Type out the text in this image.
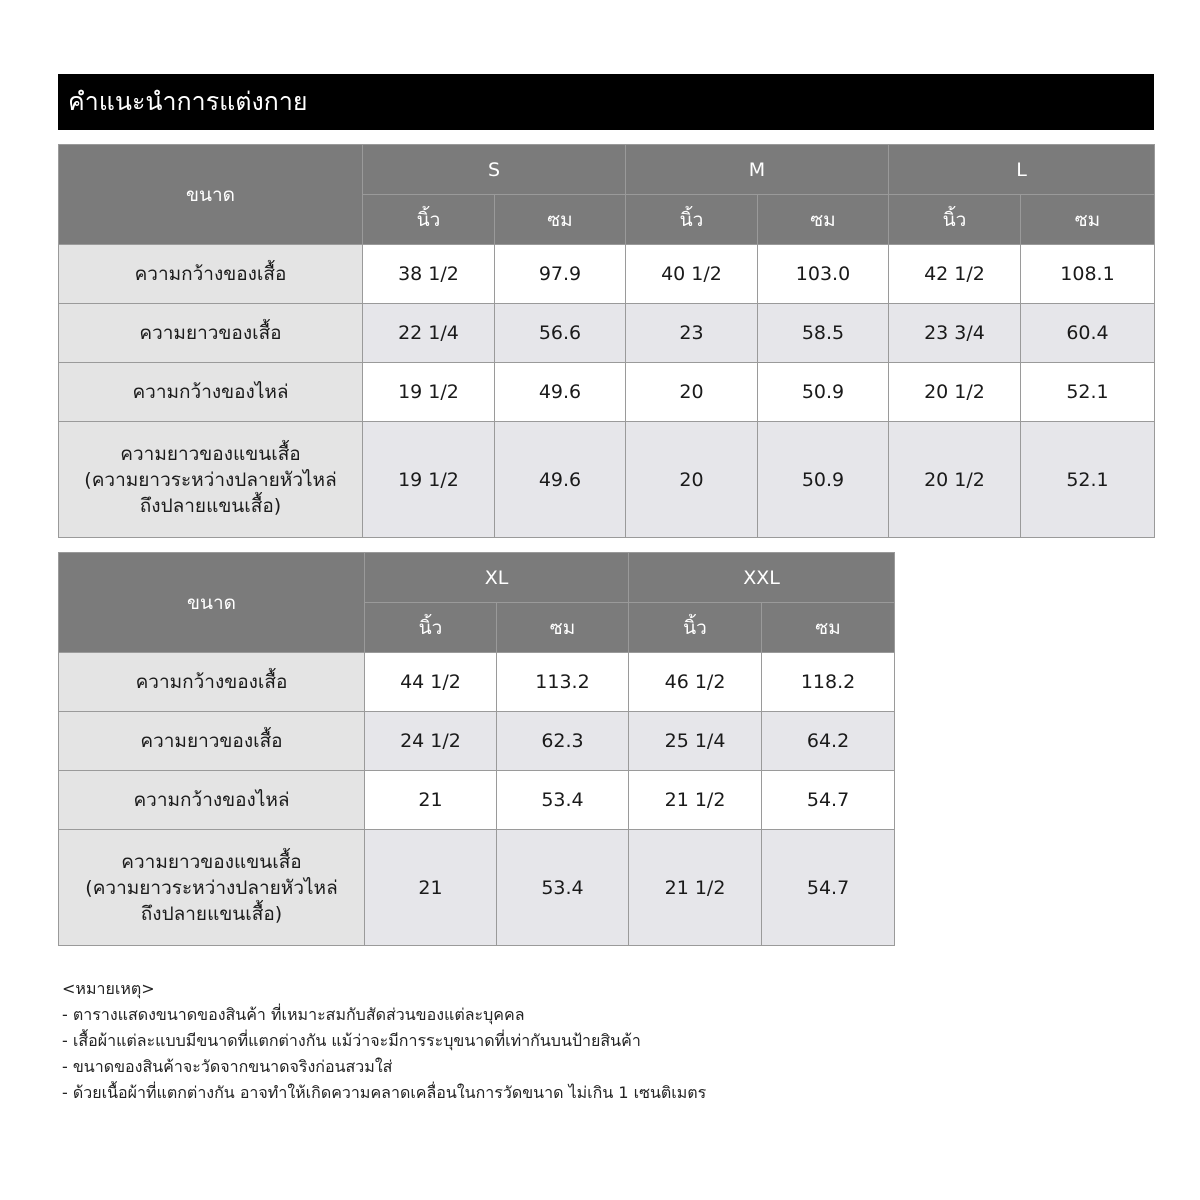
คำแนะนำการแต่งกาย
ขนาด	S		M		L	
	นิ้ว	ซม	นิ้ว	ซม	นิ้ว	ซม
ความกว้างของเสื้อ	38 1/2	97.9	40 1/2	103.0	42 1/2	108.1
ความยาวของเสื้อ	22 1/4	56.6	23	58.5	23 3/4	60.4
ความกว้างของไหล่	19 1/2	49.6	20	50.9	20 1/2	52.1

ความยาวของแขนเสื้อ
(ความยาวระหว่างปลายหัวไหล่
ถึงปลายแขนเสื้อ)	19 1/2	49.6	20	50.9	20 1/2	52.1
ขนาด	XL		XXL	
	นิ้ว	ซม	นิ้ว	ซม
ความกว้างของเสื้อ	44 1/2	113.2	46 1/2	118.2
ความยาวของเสื้อ	24 1/2	62.3	25 1/4	64.2
ความกว้างของไหล่	21	53.4	21 1/2	54.7

ความยาวของแขนเสื้อ
(ความยาวระหว่างปลายหัวไหล่
ถึงปลายแขนเสื้อ)	21	53.4	21 1/2	54.7
<หมายเหตุ>
- ตารางแสดงขนาดของสินค้า ที่เหมาะสมกับสัดส่วนของแต่ละบุคคล
- เสื้อผ้าแต่ละแบบมีขนาดที่แตกต่างกัน แม้ว่าจะมีการระบุขนาดที่เท่ากันบนป้ายสินค้า
- ขนาดของสินค้าจะวัดจากขนาดจริงก่อนสวมใส่
- ด้วยเนื้อผ้าที่แตกต่างกัน อาจทำให้เกิดความคลาดเคลื่อนในการวัดขนาด ไม่เกิน 1 เซนติเมตร
